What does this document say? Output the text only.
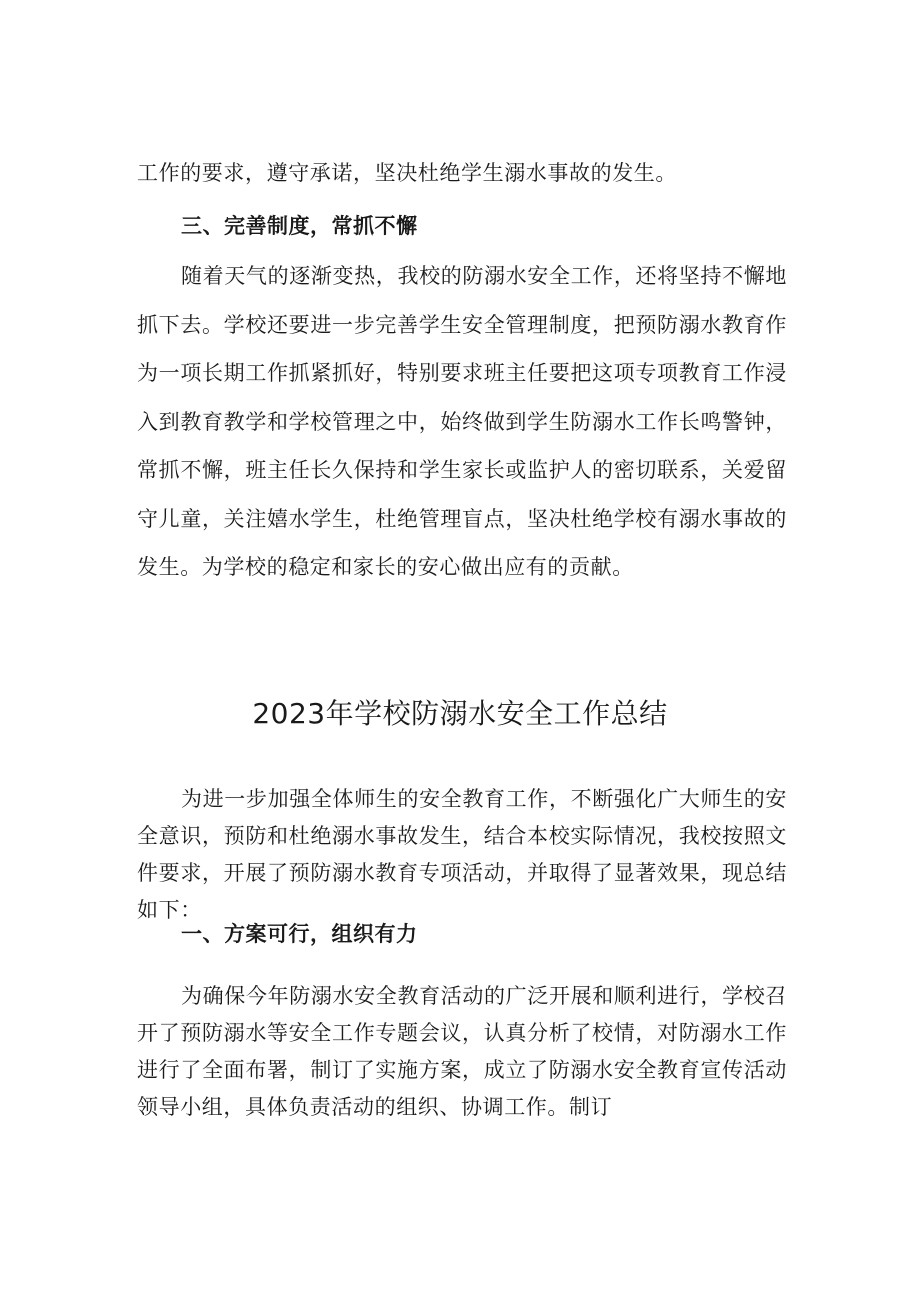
工作的要求，遵守承诺，坚决杜绝学生溺水事故的发生。

三、完善制度，常抓不懈

随着天气的逐渐变热，我校的防溺水安全工作，还将坚持不懈地抓下去。学校还要进一步完善学生安全管理制度，把预防溺水教育作为一项长期工作抓紧抓好，特别要求班主任要把这项专项教育工作浸入到教育教学和学校管理之中，始终做到学生防溺水工作长鸣警钟，常抓不懈，班主任长久保持和学生家长或监护人的密切联系，关爱留守儿童，关注嬉水学生，杜绝管理盲点，坚决杜绝学校有溺水事故的发生。为学校的稳定和家长的安心做出应有的贡献。

2023年学校防溺水安全工作总结

为进一步加强全体师生的安全教育工作，不断强化广大师生的安全意识，预防和杜绝溺水事故发生，结合本校实际情况，我校按照文件要求，开展了预防溺水教育专项活动，并取得了显著效果，现总结如下：

一、方案可行，组织有力

为确保今年防溺水安全教育活动的广泛开展和顺利进行，学校召开了预防溺水等安全工作专题会议，认真分析了校情，对防溺水工作进行了全面布署，制订了实施方案，成立了防溺水安全教育宣传活动领导小组，具体负责活动的组织、协调工作。制订
